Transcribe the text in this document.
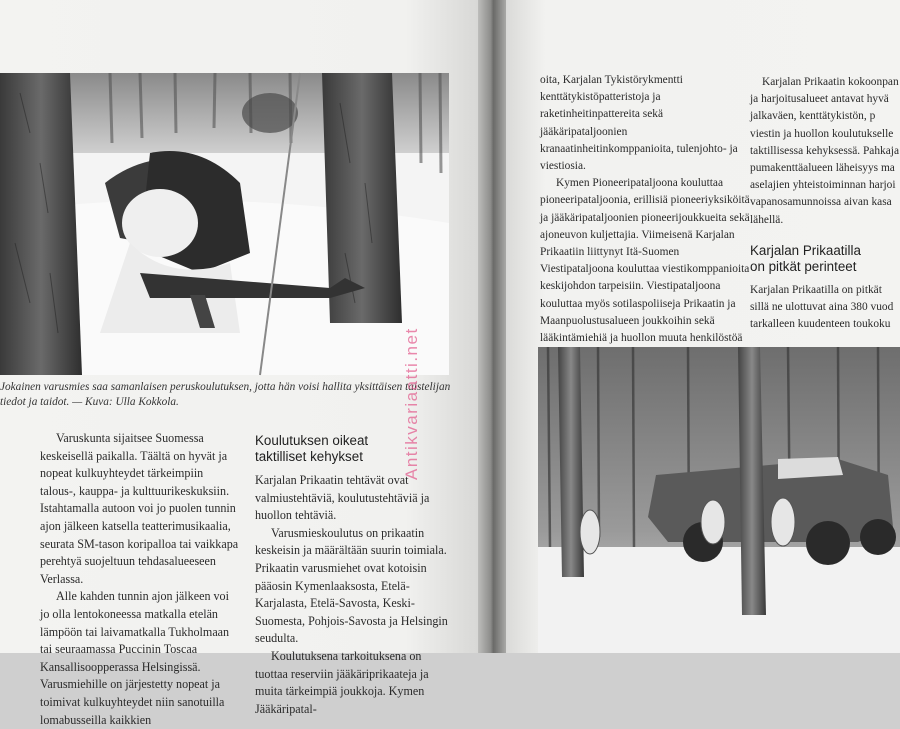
Jokainen varusmies saa samanlaisen peruskoulutuksen, jotta hän voisi hallita yksittäisen taistelijan tiedot ja taidot. — Kuva: Ulla Kokkola.

Varuskunta sijaitsee Suomessa keskeisellä paikalla. Täältä on hyvät ja nopeat kulkuyhteydet tärkeimpiin talous-, kauppa- ja kulttuurikeskuksiin. Istahtamalla autoon voi jo puolen tunnin ajon jälkeen katsella teatterimusikaalia, seurata SM-tason koripalloa tai vaikkapa perehtyä suojeltuun tehdasalueeseen Verlassa.

Alle kahden tunnin ajon jälkeen voi jo olla lentokoneessa matkalla etelän lämpöön tai laivamatkalla Tukholmaan tai seuraamassa Puccinin Toscaa Kansallisoopperassa Helsingissä. Varusmiehille on järjestetty nopeat ja toimivat kulkuyhteydet niin sanotuilla lomabusseilla kaikkien

Koulutuksen oikeat
taktilliset kehykset

Karjalan Prikaatin tehtävät ovat valmiustehtäviä, koulutustehtäviä ja huollon tehtäviä.

Varusmieskoulutus on prikaatin keskeisin ja määrältään suurin toimiala. Prikaatin varusmiehet ovat kotoisin pääosin Kymenlaaksosta, Etelä-Karjalasta, Etelä-Savosta, Keski-Suomesta, Pohjois-Savosta ja Helsingin seudulta.

Koulutuksena tarkoituksena on tuottaa reserviin jääkäriprikaateja ja muita tärkeimpiä joukkoja. Kymen Jääkäripatal-

Antikvariaatti.net

oita, Karjalan Tykistörykmentti kenttätykistöpatteristoja ja raketinheitinpattereita sekä jääkäripataljoonien kranaatinheitinkomppanioita, tulenjohto- ja viestiosia.

Kymen Pioneeripataljoona kouluttaa pioneeripataljoonia, erillisiä pioneeriyksiköitä ja jääkäripataljoonien pioneerijoukkueita sekä ajoneuvon kuljettajia. Viimeisenä Karjalan Prikaatiin liittynyt Itä-Suomen Viestipataljoona kouluttaa viestikomppanioita keskijohdon tarpeisiin. Viestipataljoona kouluttaa myös sotilaspoliiseja Prikaatin ja Maanpuolustusalueen joukkoihin sekä lääkintämiehiä ja huollon muuta henkilöstöä

Karjalan Prikaatin kokoonpan
ja harjoitusalueet antavat hyvä
jalkaväen, kenttätykistön, p
viestin ja huollon koulutukselle
taktillisessa kehyksessä. Pahkaja
pumakenttäalueen läheisyys ma
aselajien yhteistoiminnan harjoi
vapanosamunnoissa aivan kasa
lähellä.
Karjalan Prikaatilla
on pitkät perinteet
Karjalan Prikaatilla on pitkät
sillä ne ulottuvat aina 380 vuod
tarkalleen kuudenteen toukoku
